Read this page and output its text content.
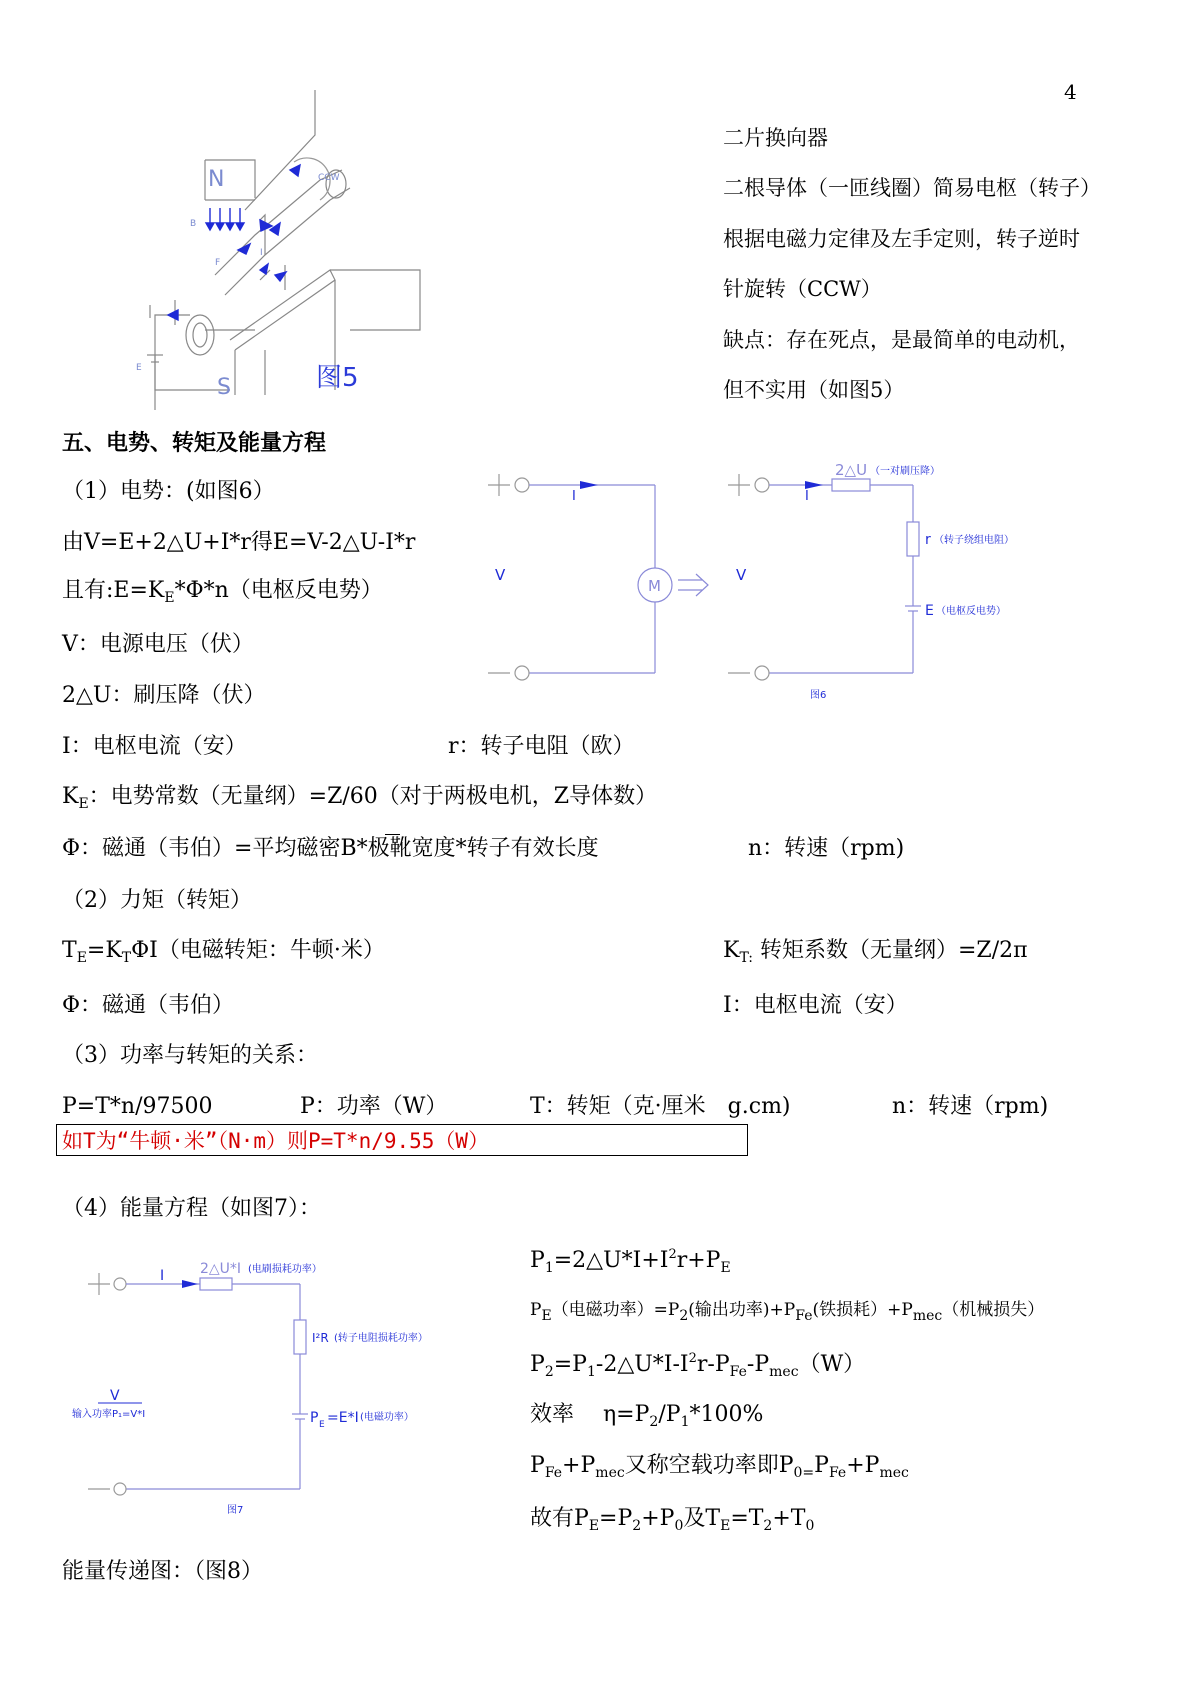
4
N
S
CCW
B
F
I
E	图5
二片换向器
二根导体（一匝线圈）简易电枢（转子）
根据电磁力定律及左手定则，转子逆时
针旋转（CCW）
缺点：存在死点，是最简单的电动机，
但不实用（如图5）
五、电势、转矩及能量方程
（1）电势：(如图6）
由V=E+2△U+I*r得E=V-2△U-I*r
且有$:E=K_E*\Phi*n$（电枢反电势）
V：电源电压（伏）
2△U：刷压降（伏）
I：电枢电流（安）	r：转子电阻（欧）
$K_E$：电势常数（无量纲）=Z/60（对于两极电机，Z导体数）
Φ：磁通（韦伯）=平均磁密B*极靴宽度*转子有效长度	n：转速（rpm)
I
V
M
I
V
2△U （一对刷压降）
r （转子绕组电阻）
E （电枢反电势）
图6
（2）力矩（转矩）
$T_E=K_T\Phi I$（电磁转矩：牛顿·米）	$K_{T:}$ 转矩系数（无量纲）=Z/2π
Φ：磁通（韦伯）	I：电枢电流（安）
（3）功率与转矩的关系：
P=T*n/97500	P：功率（W）	T：转矩（克·厘米　g.cm)	n：转速（rpm)
如T为“牛顿·米”（N·m）则P=T*n/9.55（W）
（4）能量方程（如图7）：
I	2△U*I (电刷损耗功率）
I²R (转子电阻损耗功率）
V
输入功率P₁=V*I	P E =E*I (电磁功率）
图7
$P_1=2\triangle U*I+I^2r+P_E$
$P_E$（电磁功率）$=P_2$(输出功率)$+P_{Fe}$(铁损耗）$+P_{mec}$（机械损失）
$P_2=P_1-2\triangle U*I-I^2r-P_{Fe}-P_{mec}(W)$
效率　 $\eta=P_2/P_1*100\%$
$P_{Fe}+P_{mec}$又称空载功率即$P_{0=}P_{Fe}+P_{mec}$
故有$P_E=P_2+P_0$及$T_E=T_2+T_0$
能量传递图：（图8）
